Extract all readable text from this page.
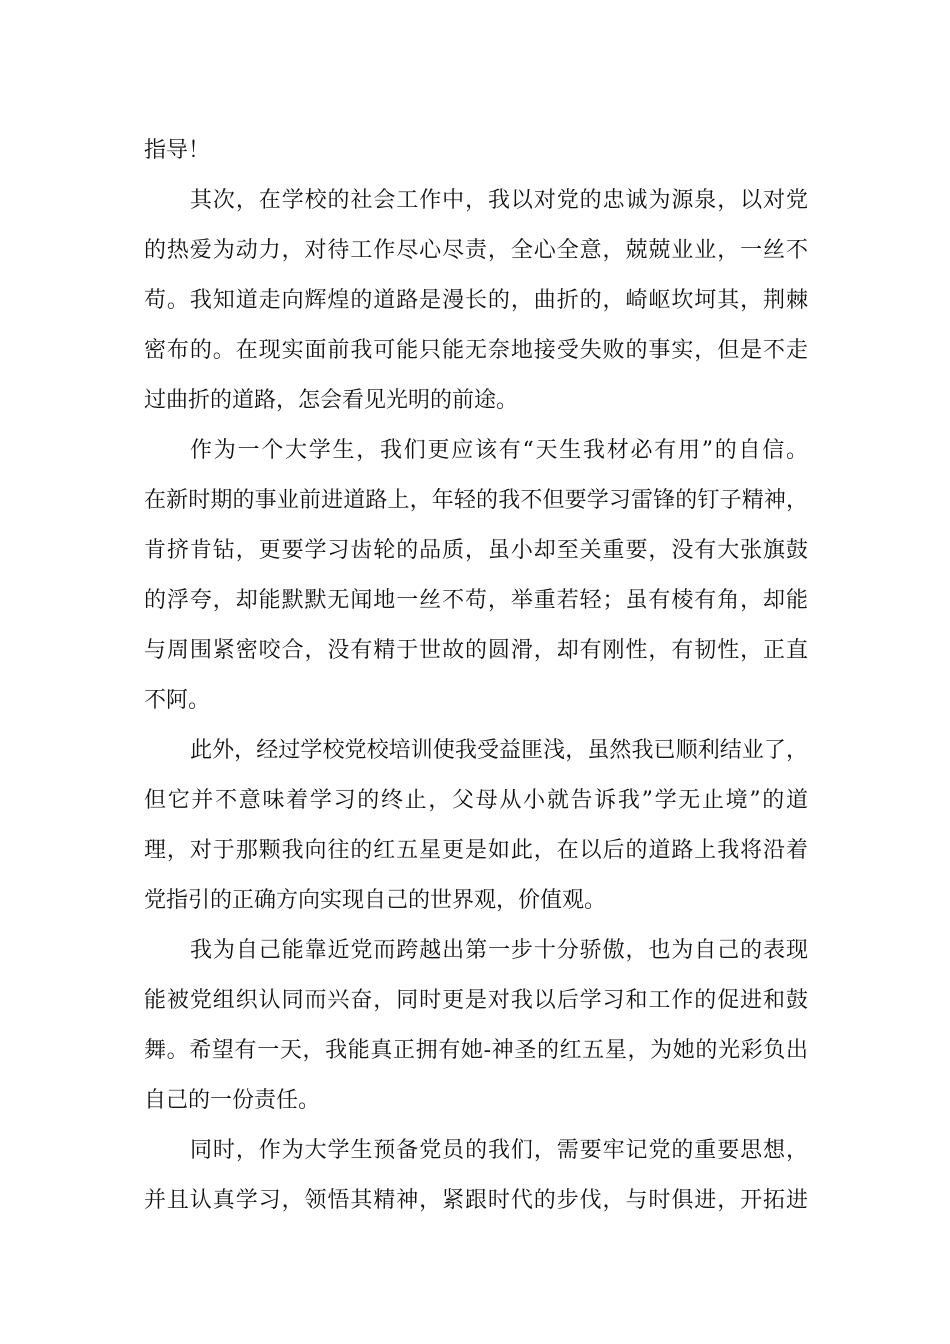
指导！
其次，在学校的社会工作中，我以对党的忠诚为源泉，以对党
的热爱为动力，对待工作尽心尽责，全心全意，兢兢业业，一丝不
苟。我知道走向辉煌的道路是漫长的，曲折的，崎岖坎坷其，荆棘
密布的。在现实面前我可能只能无奈地接受失败的事实，但是不走
过曲折的道路，怎会看见光明的前途。
作为一个大学生，我们更应该有“天生我材必有用”的自信。
在新时期的事业前进道路上，年轻的我不但要学习雷锋的钉子精神，
肯挤肯钻，更要学习齿轮的品质，虽小却至关重要，没有大张旗鼓
的浮夸，却能默默无闻地一丝不苟，举重若轻；虽有棱有角，却能
与周围紧密咬合，没有精于世故的圆滑，却有刚性，有韧性，正直
不阿。
此外，经过学校党校培训使我受益匪浅，虽然我已顺利结业了，
但它并不意味着学习的终止，父母从小就告诉我”学无止境”的道
理，对于那颗我向往的红五星更是如此，在以后的道路上我将沿着
党指引的正确方向实现自己的世界观，价值观。
我为自己能靠近党而跨越出第一步十分骄傲，也为自己的表现
能被党组织认同而兴奋，同时更是对我以后学习和工作的促进和鼓
舞。希望有一天，我能真正拥有她-神圣的红五星，为她的光彩负出
自己的一份责任。
同时，作为大学生预备党员的我们，需要牢记党的重要思想，
并且认真学习，领悟其精神，紧跟时代的步伐，与时俱进，开拓进
